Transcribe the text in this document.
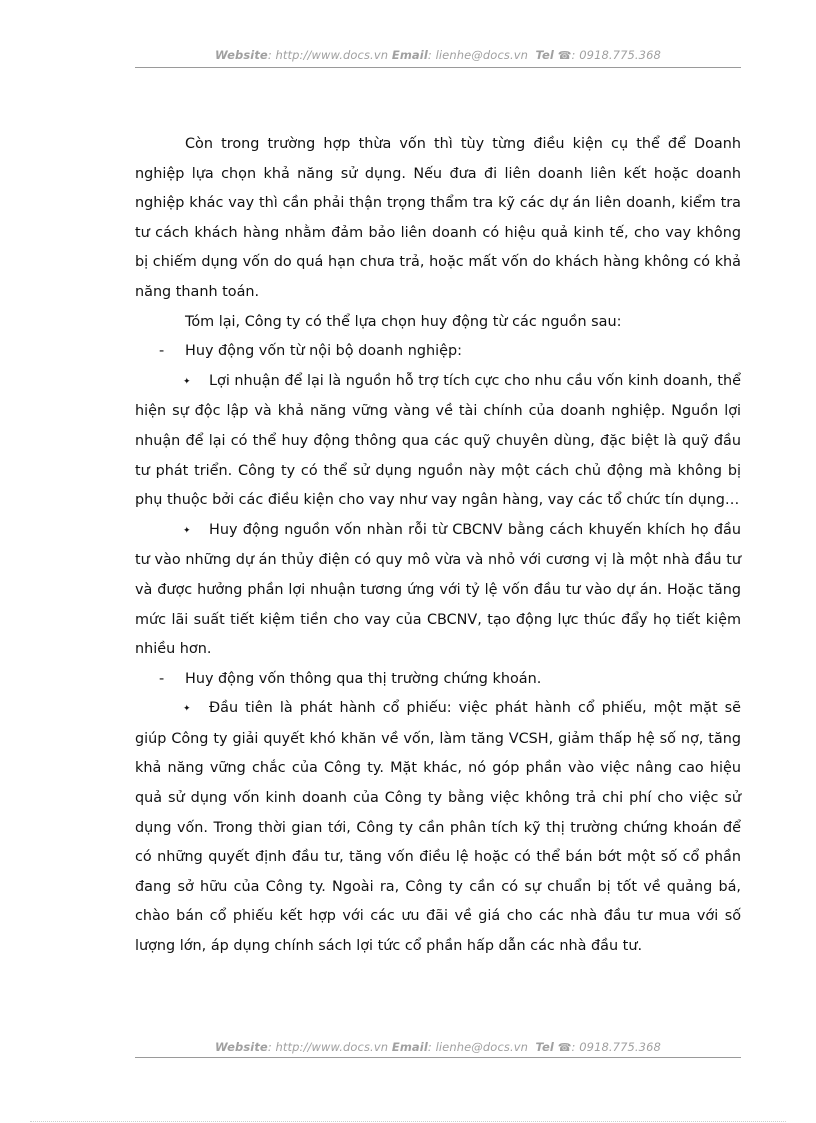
Website: http://www.docs.vn Email: lienhe@docs.vn Tel ☎: 0918.775.368

Còn trong trường hợp thừa vốn thì tùy từng điều kiện cụ thể để Doanh nghiệp lựa chọn khả năng sử dụng. Nếu đưa đi liên doanh liên kết hoặc doanh nghiệp khác vay thì cần phải thận trọng thẩm tra kỹ các dự án liên doanh, kiểm tra tư cách khách hàng nhằm đảm bảo liên doanh có hiệu quả kinh tế, cho vay không bị chiếm dụng vốn do quá hạn chưa trả, hoặc mất vốn do khách hàng không có khả năng thanh toán.

Tóm lại, Công ty có thể lựa chọn huy động từ các nguồn sau:

- Huy động vốn từ nội bộ doanh nghiệp:

✦ Lợi nhuận để lại là nguồn hỗ trợ tích cực cho nhu cầu vốn kinh doanh, thể hiện sự độc lập và khả năng vững vàng về tài chính của doanh nghiệp. Nguồn lợi nhuận để lại có thể huy động thông qua các quỹ chuyên dùng, đặc biệt là quỹ đầu tư phát triển. Công ty có thể sử dụng nguồn này một cách chủ động mà không bị phụ thuộc bởi các điều kiện cho vay như vay ngân hàng, vay các tổ chức tín dụng…

✦ Huy động nguồn vốn nhàn rỗi từ CBCNV bằng cách khuyến khích họ đầu tư vào những dự án thủy điện có quy mô vừa và nhỏ với cương vị là một nhà đầu tư và được hưởng phần lợi nhuận tương ứng với tỷ lệ vốn đầu tư vào dự án. Hoặc tăng mức lãi suất tiết kiệm tiền cho vay của CBCNV, tạo động lực thúc đẩy họ tiết kiệm nhiều hơn.

- Huy động vốn thông qua thị trường chứng khoán.

✦ Đầu tiên là phát hành cổ phiếu: việc phát hành cổ phiếu, một mặt sẽ giúp Công ty giải quyết khó khăn về vốn, làm tăng VCSH, giảm thấp hệ số nợ, tăng khả năng vững chắc của Công ty. Mặt khác, nó góp phần vào việc nâng cao hiệu quả sử dụng vốn kinh doanh của Công ty bằng việc không trả chi phí cho việc sử dụng vốn. Trong thời gian tới, Công ty cần phân tích kỹ thị trường chứng khoán để có những quyết định đầu tư, tăng vốn điều lệ hoặc có thể bán bớt một số cổ phần đang sở hữu của Công ty. Ngoài ra, Công ty cần có sự chuẩn bị tốt về quảng bá, chào bán cổ phiếu kết hợp với các ưu đãi về giá cho các nhà đầu tư mua với số lượng lớn, áp dụng chính sách lợi tức cổ phần hấp dẫn các nhà đầu tư.

Website: http://www.docs.vn Email: lienhe@docs.vn Tel ☎: 0918.775.368
